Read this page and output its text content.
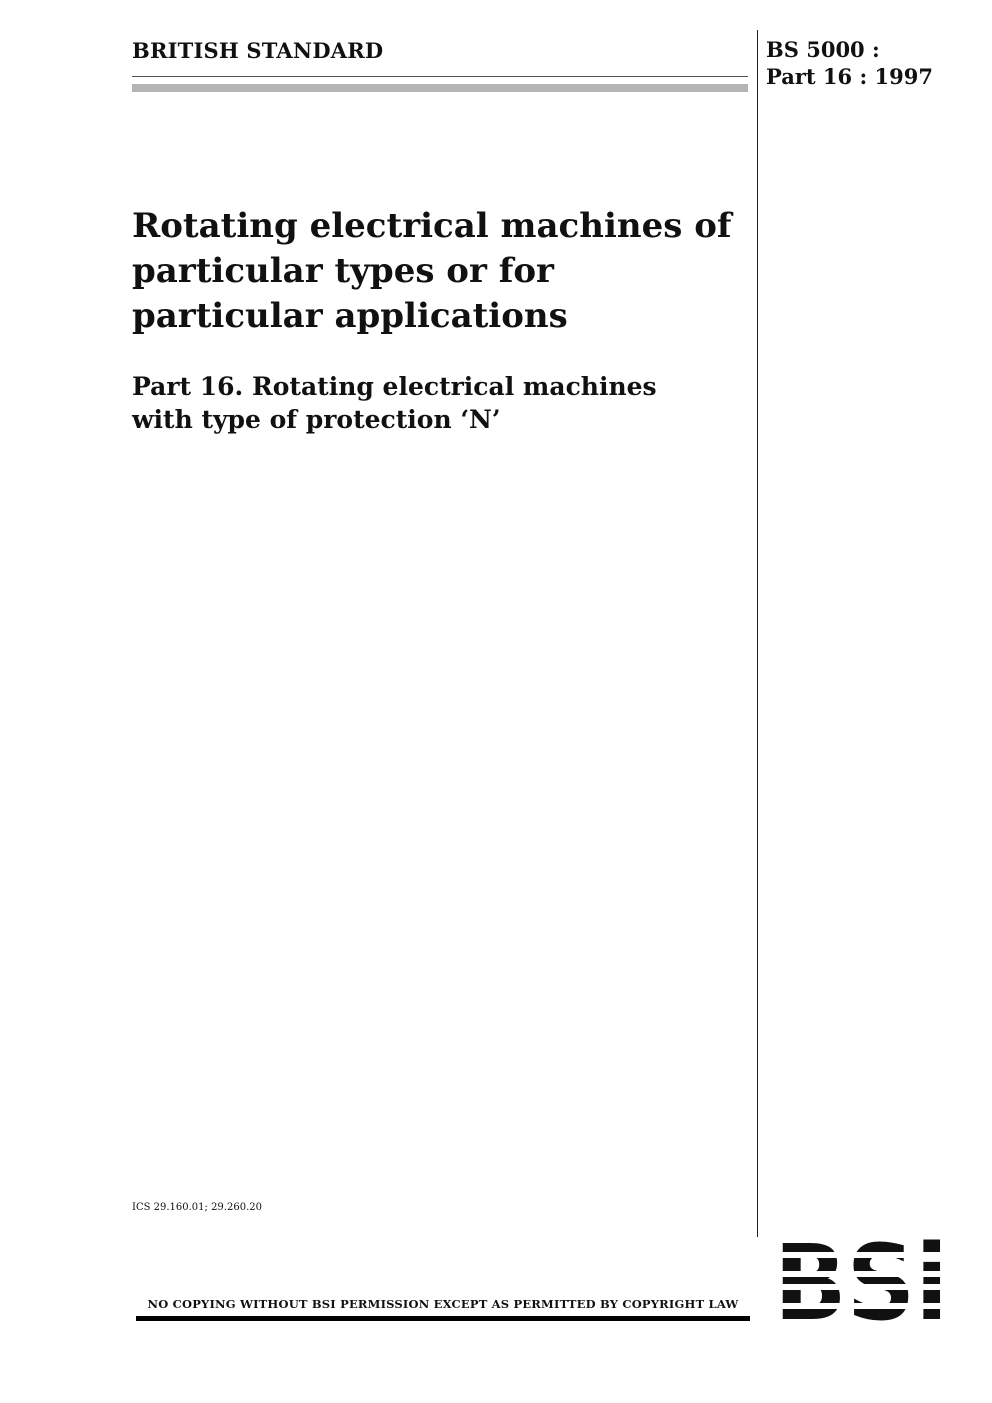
BRITISH STANDARD	BS 5000 :
Part 16 : 1997
Rotating electrical machines of
particular types or for
particular applications
Part 16. Rotating electrical machines
with type of protection ‘N’
ICS 29.160.01; 29.260.20
NO COPYING WITHOUT BSI PERMISSION EXCEPT AS PERMITTED BY COPYRIGHT LAW
